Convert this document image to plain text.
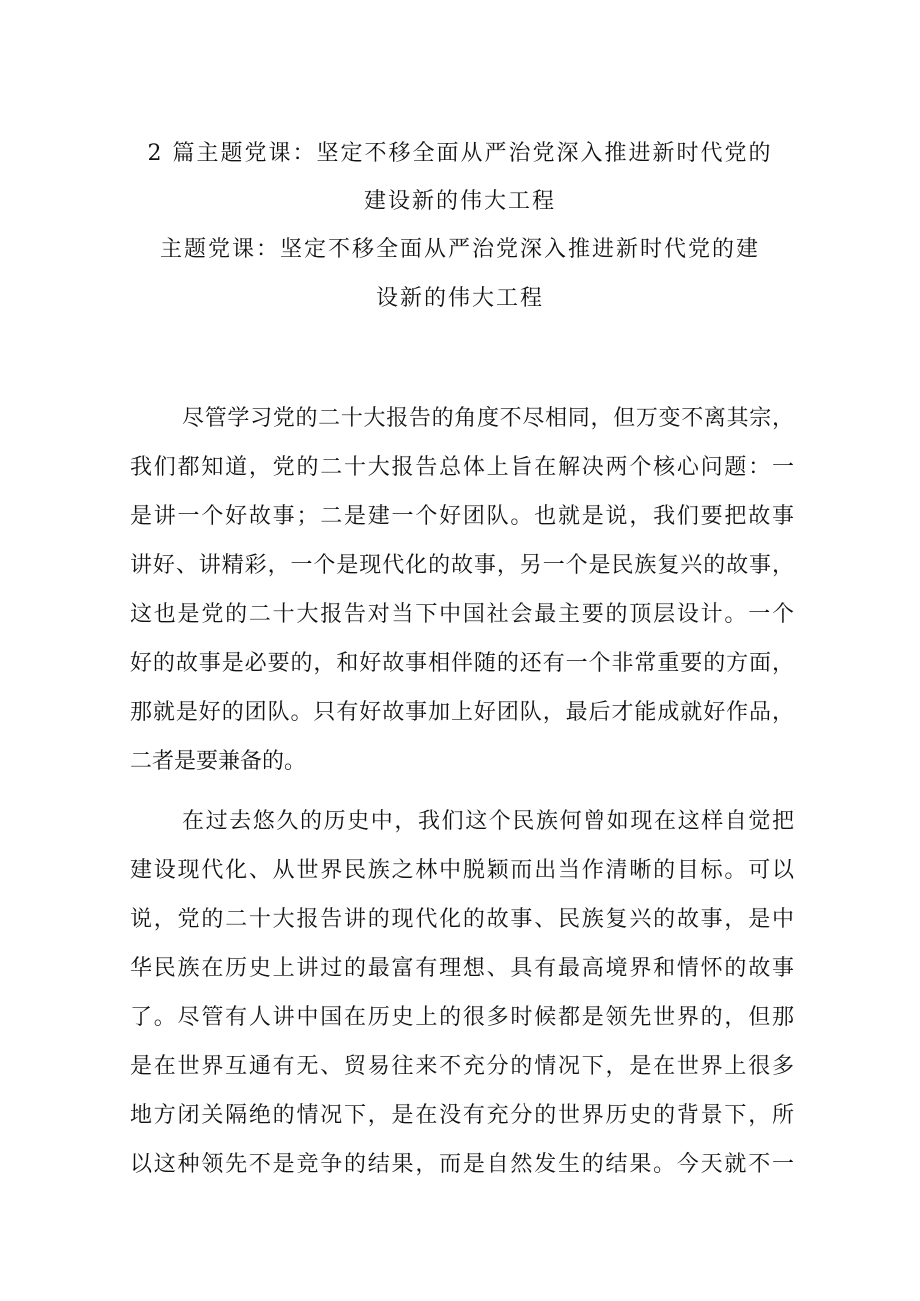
2 篇主题党课：坚定不移全面从严治党深入推进新时代党的
建设新的伟大工程
主题党课：坚定不移全面从严治党深入推进新时代党的建
设新的伟大工程
尽管学习党的二十大报告的角度不尽相同，但万变不离其宗，
我们都知道，党的二十大报告总体上旨在解决两个核心问题：一
是讲一个好故事；二是建一个好团队。也就是说，我们要把故事
讲好、讲精彩，一个是现代化的故事，另一个是民族复兴的故事，
这也是党的二十大报告对当下中国社会最主要的顶层设计。一个
好的故事是必要的，和好故事相伴随的还有一个非常重要的方面，
那就是好的团队。只有好故事加上好团队，最后才能成就好作品，
二者是要兼备的。
在过去悠久的历史中，我们这个民族何曾如现在这样自觉把
建设现代化、从世界民族之林中脱颖而出当作清晰的目标。可以
说，党的二十大报告讲的现代化的故事、民族复兴的故事，是中
华民族在历史上讲过的最富有理想、具有最高境界和情怀的故事
了。尽管有人讲中国在历史上的很多时候都是领先世界的，但那
是在世界互通有无、贸易往来不充分的情况下，是在世界上很多
地方闭关隔绝的情况下，是在没有充分的世界历史的背景下，所
以这种领先不是竞争的结果，而是自然发生的结果。今天就不一
